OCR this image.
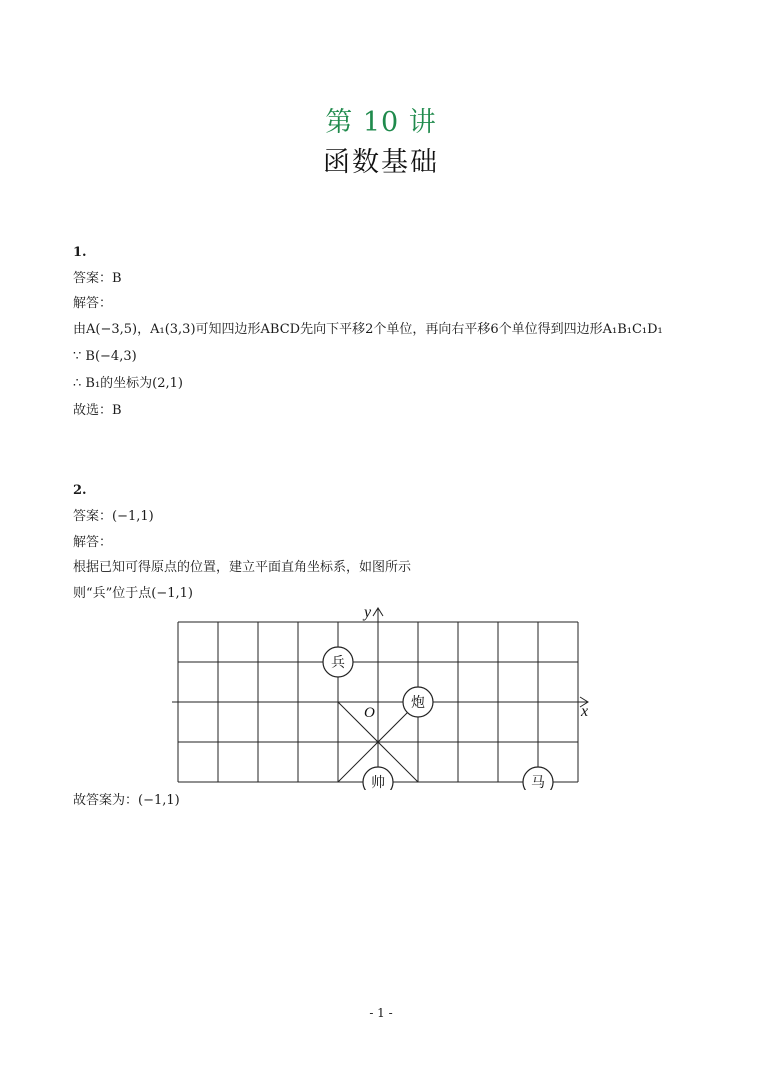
第 10 讲
函数基础
1.
答案：B
解答：
由A(−3,5)，A₁(3,3)可知四边形ABCD先向下平移2个单位，再向右平移6个单位得到四边形A₁B₁C₁D₁
∵ B(−4,3)
∴ B₁的坐标为(2,1)
故选：B
2.
答案：(−1,1)
解答：
根据已知可得原点的位置，建立平面直角坐标系，如图所示
则“兵”位于点(−1,1)
x
y
O
兵
炮
帅	马
故答案为：(−1,1)
- 1 -
